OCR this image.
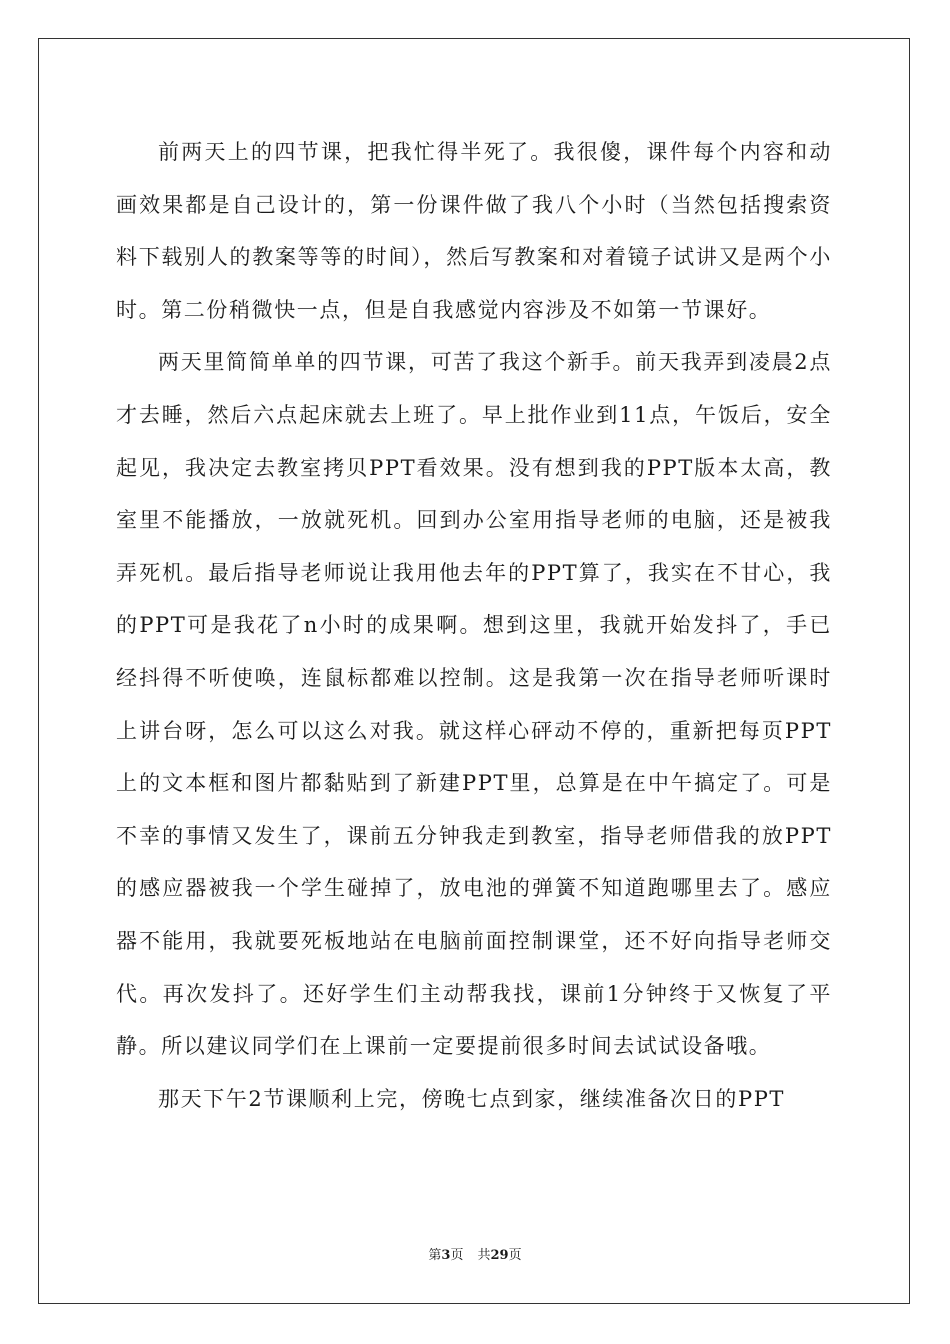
前两天上的四节课，把我忙得半死了。我很傻，课件每个内容和动画效果都是自己设计的，第一份课件做了我八个小时（当然包括搜索资料下载别人的教案等等的时间），然后写教案和对着镜子试讲又是两个小时。第二份稍微快一点，但是自我感觉内容涉及不如第一节课好。

两天里简简单单的四节课，可苦了我这个新手。前天我弄到凌晨2点才去睡，然后六点起床就去上班了。早上批作业到11点，午饭后，安全起见，我决定去教室拷贝PPT看效果。没有想到我的PPT版本太高，教室里不能播放，一放就死机。回到办公室用指导老师的电脑，还是被我弄死机。最后指导老师说让我用他去年的PPT算了，我实在不甘心，我的PPT可是我花了n小时的成果啊。想到这里，我就开始发抖了，手已经抖得不听使唤，连鼠标都难以控制。这是我第一次在指导老师听课时上讲台呀，怎么可以这么对我。就这样心砰动不停的，重新把每页PPT上的文本框和图片都黏贴到了新建PPT里，总算是在中午搞定了。可是不幸的事情又发生了，课前五分钟我走到教室，指导老师借我的放PPT的感应器被我一个学生碰掉了，放电池的弹簧不知道跑哪里去了。感应器不能用，我就要死板地站在电脑前面控制课堂，还不好向指导老师交代。再次发抖了。还好学生们主动帮我找，课前1分钟终于又恢复了平静。所以建议同学们在上课前一定要提前很多时间去试试设备哦。

那天下午2节课顺利上完，傍晚七点到家，继续准备次日的PPT

第3页 共29页
